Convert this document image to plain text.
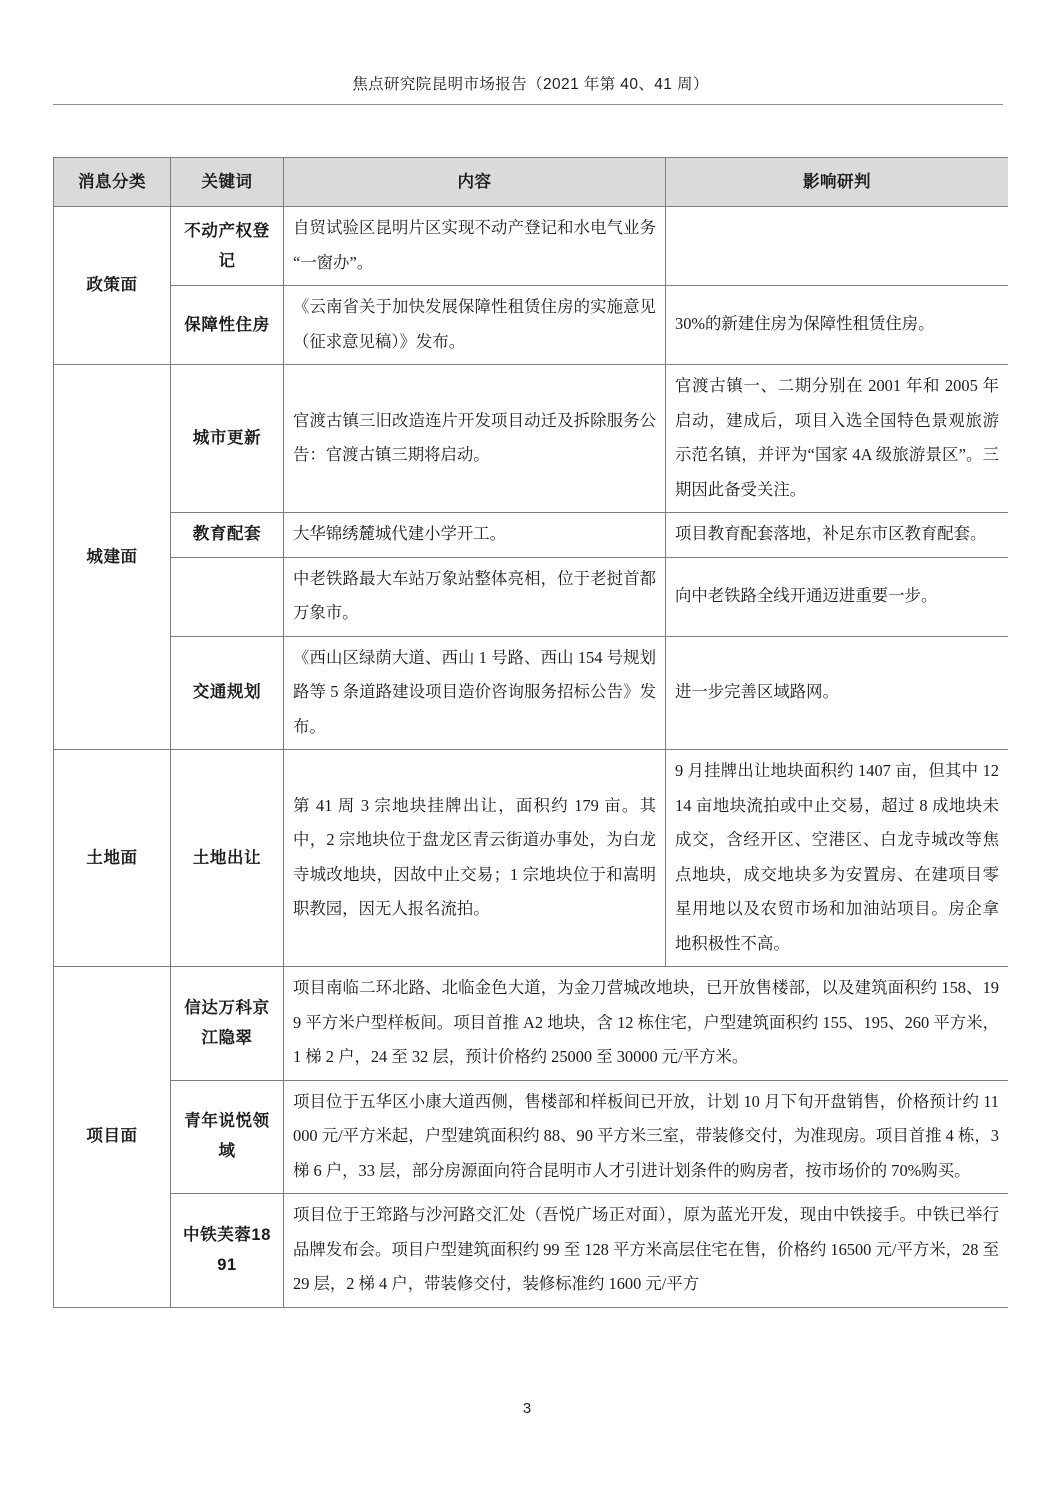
焦点研究院昆明市场报告（2021 年第 40、41 周）
消息分类	关键词	内容	影响研判
政策面	不动产权登记	自贸试验区昆明片区实现不动产登记和水电气业务“一窗办”。	
	保障性住房	《云南省关于加快发展保障性租赁住房的实施意见（征求意见稿）》发布。	30%的新建住房为保障性租赁住房。
城建面	城市更新	官渡古镇三旧改造连片开发项目动迁及拆除服务公告：官渡古镇三期将启动。	官渡古镇一、二期分别在 2001 年和 2005 年启动，建成后，项目入选全国特色景观旅游示范名镇，并评为“国家 4A 级旅游景区”。三期因此备受关注。
	教育配套	大华锦绣麓城代建小学开工。	项目教育配套落地，补足东市区教育配套。
		中老铁路最大车站万象站整体亮相，位于老挝首都万象市。	向中老铁路全线开通迈进重要一步。
	交通规划	《西山区绿荫大道、西山 1 号路、西山 154 号规划路等 5 条道路建设项目造价咨询服务招标公告》发布。	进一步完善区域路网。
土地面	土地出让	第 41 周 3 宗地块挂牌出让，面积约 179 亩。其中，2 宗地块位于盘龙区青云街道办事处，为白龙寺城改地块，因故中止交易；1 宗地块位于和嵩明职教园，因无人报名流拍。	9 月挂牌出让地块面积约 1407 亩，但其中 1214 亩地块流拍或中止交易，超过 8 成地块未成交，含经开区、空港区、白龙寺城改等焦点地块，成交地块多为安置房、在建项目零星用地以及农贸市场和加油站项目。房企拿地积极性不高。
项目面	信达万科京江隐翠	项目南临二环北路、北临金色大道，为金刀营城改地块，已开放售楼部，以及建筑面积约 158、199 平方米户型样板间。项目首推 A2 地块，含 12 栋住宅，户型建筑面积约 155、195、260 平方米，1 梯 2 户，24 至 32 层，预计价格约 25000 至 30000 元/平方米。	
	青年说悦领域	项目位于五华区小康大道西侧，售楼部和样板间已开放，计划 10 月下旬开盘销售，价格预计约 11000 元/平方米起，户型建筑面积约 88、90 平方米三室，带装修交付，为准现房。项目首推 4 栋，3 梯 6 户，33 层，部分房源面向符合昆明市人才引进计划条件的购房者，按市场价的 70%购买。	
	中铁芙蓉1891	项目位于王筇路与沙河路交汇处（吾悦广场正对面），原为蓝光开发，现由中铁接手。中铁已举行品牌发布会。项目户型建筑面积约 99 至 128 平方米高层住宅在售，价格约 16500 元/平方米，28 至 29 层，2 梯 4 户，带装修交付，装修标准约 1600 元/平方	
3
